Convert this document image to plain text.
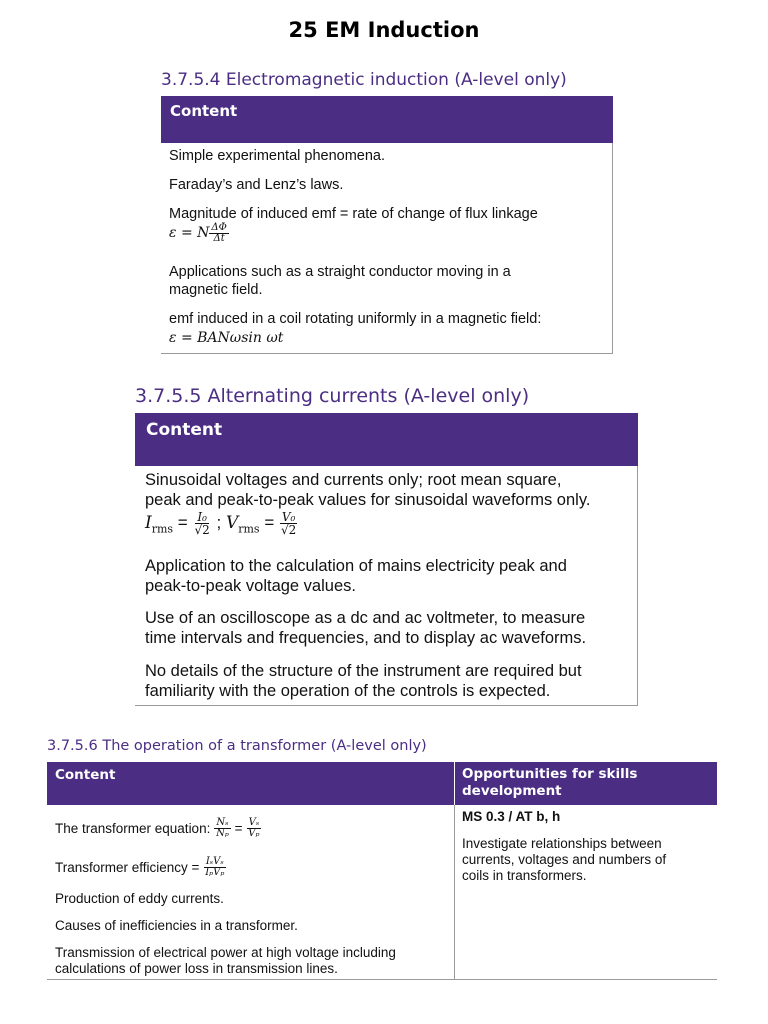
25 EM Induction
3.7.5.4 Electromagnetic induction (A-level only)
Content
Simple experimental phenomena.
Faraday’s and Lenz’s laws.
Magnitude of induced emf = rate of change of flux linkage
ε = N $\frac{\Delta\Phi}{\Delta t}$
Applications such as a straight conductor moving in a
magnetic field.
emf induced in a coil rotating uniformly in a magnetic field:
ε = BANωsin ωt
3.7.5.5 Alternating currents (A-level only)
Content
Sinusoidal voltages and currents only; root mean square,
peak and peak-to-peak values for sinusoidal waveforms only.
$I_{rms} = \frac{\text{I₀}}{√2}$ ; $V_{rms} = \frac{\text{V₀}}{√2}$
Application to the calculation of mains electricity peak and
peak-to-peak voltage values.
Use of an oscilloscope as a dc and ac voltmeter, to measure
time intervals and frequencies, and to display ac waveforms.
No details of the structure of the instrument are required but
familiarity with the operation of the controls is expected.
3.7.5.6 The operation of a transformer (A-level only)
Content	Opportunities for skills development
The transformer equation: $\frac{\text{Nₛ}}{\text{Nₚ}} = \frac{\text{Vₛ}}{\text{Vₚ}}$
Transformer efficiency = $\frac{\text{IₛVₛ}}{\text{IₚVₚ}}$
Production of eddy currents.
Causes of inefficiencies in a transformer.
Transmission of electrical power at high voltage including
calculations of power loss in transmission lines.
MS 0.3 / AT b, h
Investigate relationships between
currents, voltages and numbers of
coils in transformers.
